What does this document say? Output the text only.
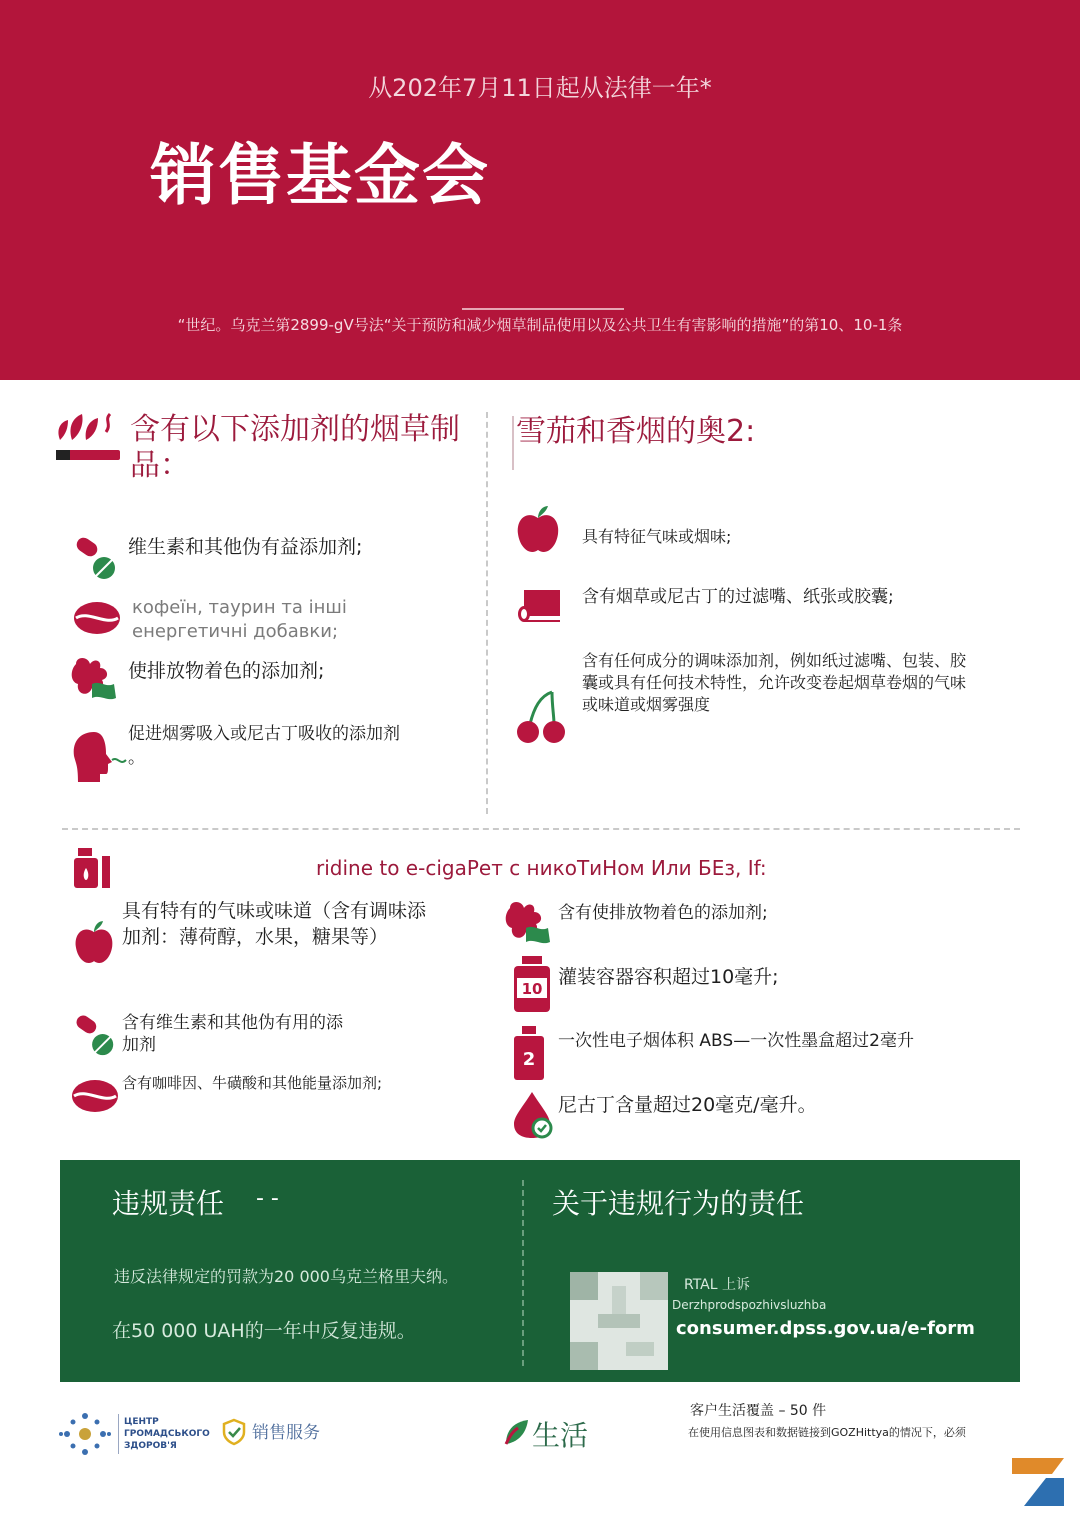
从202年7月11日起从法律一年*
销售基金会
“世纪。乌克兰第2899-gV号法“关于预防和减少烟草制品使用以及公共卫生有害影响的措施”的第10、10-1条
含有以下添加剂的烟草制
品：
维生素和其他伪有益添加剂;
кофеїн, таурин та інші
енергетичні добавки;
使排放物着色的添加剂;
促进烟雾吸入或尼古丁吸收的添加剂
。
雪茄和香烟的奥2:
具有特征气味或烟味;
含有烟草或尼古丁的过滤嘴、纸张或胶囊;
含有任何成分的调味添加剂，例如纸过滤嘴、包装、胶
囊或具有任何技术特性，允许改变卷起烟草卷烟的气味
或味道或烟雾强度
ridine to e-cigaРет с никоТиНом Или БЕз, If:
具有特有的气味或味道（含有调味添
加剂：薄荷醇，水果，糖果等）
含有维生素和其他伪有用的添
加剂
含有咖啡因、牛磺酸和其他能量添加剂;
含有使排放物着色的添加剂;
10
灌装容器容积超过10毫升;
2
一次性电子烟体积 ABS—一次性墨盒超过2毫升
尼古丁含量超过20毫克/毫升。
违规责任 - -
违反法律规定的罚款为20 000乌克兰格里夫纳。
在50 000 UAH的一年中反复违规。
关于违规行为的责任
RTAL 上诉
Derzhprodspozhivsluzhba
consumer.dpss.gov.ua/e-form
ЦЕНТР
ГРОМАДСЬКОГО
ЗДОРОВ'Я
销售服务	生活
客户生活覆盖 – 50 件
在使用信息图表和数据链接到GOZHittya的情况下，必须
